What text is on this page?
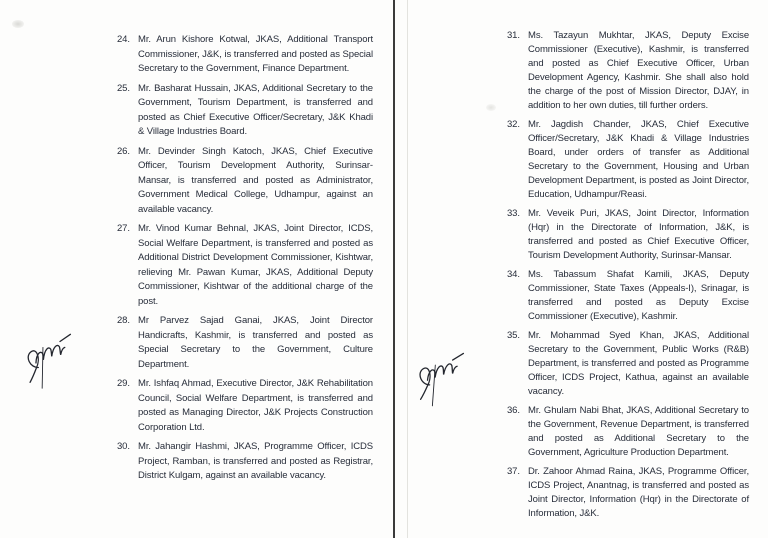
24. Mr. Arun Kishore Kotwal, JKAS, Additional Transport Commissioner, J&K, is transferred and posted as Special Secretary to the Government, Finance Department.
25. Mr. Basharat Hussain, JKAS, Additional Secretary to the Government, Tourism Department, is transferred and posted as Chief Executive Officer/Secretary, J&K Khadi & Village Industries Board.
26. Mr. Devinder Singh Katoch, JKAS, Chief Executive Officer, Tourism Development Authority, Surinsar-Mansar, is transferred and posted as Administrator, Government Medical College, Udhampur, against an available vacancy.
27. Mr. Vinod Kumar Behnal, JKAS, Joint Director, ICDS, Social Welfare Department, is transferred and posted as Additional District Development Commissioner, Kishtwar, relieving Mr. Pawan Kumar, JKAS, Additional Deputy Commissioner, Kishtwar of the additional charge of the post.
28. Mr Parvez Sajad Ganai, JKAS, Joint Director Handicrafts, Kashmir, is transferred and posted as Special Secretary to the Government, Culture Department.
29. Mr. Ishfaq Ahmad, Executive Director, J&K Rehabilitation Council, Social Welfare Department, is transferred and posted as Managing Director, J&K Projects Construction Corporation Ltd.
30. Mr. Jahangir Hashmi, JKAS, Programme Officer, ICDS Project, Ramban, is transferred and posted as Registrar, District Kulgam, against an available vacancy.
31. Ms. Tazayun Mukhtar, JKAS, Deputy Excise Commissioner (Executive), Kashmir, is transferred and posted as Chief Executive Officer, Urban Development Agency, Kashmir. She shall also hold the charge of the post of Mission Director, DJAY, in addition to her own duties, till further orders.
32. Mr. Jagdish Chander, JKAS, Chief Executive Officer/Secretary, J&K Khadi & Village Industries Board, under orders of transfer as Additional Secretary to the Government, Housing and Urban Development Department, is posted as Joint Director, Education, Udhampur/Reasi.
33. Mr. Veveik Puri, JKAS, Joint Director, Information (Hqr) in the Directorate of Information, J&K, is transferred and posted as Chief Executive Officer, Tourism Development Authority, Surinsar-Mansar.
34. Ms. Tabassum Shafat Kamili, JKAS, Deputy Commissioner, State Taxes (Appeals-I), Srinagar, is transferred and posted as Deputy Excise Commissioner (Executive), Kashmir.
35. Mr. Mohammad Syed Khan, JKAS, Additional Secretary to the Government, Public Works (R&B) Department, is transferred and posted as Programme Officer, ICDS Project, Kathua, against an available vacancy.
36. Mr. Ghulam Nabi Bhat, JKAS, Additional Secretary to the Government, Revenue Department, is transferred and posted as Additional Secretary to the Government, Agriculture Production Department.
37. Dr. Zahoor Ahmad Raina, JKAS, Programme Officer, ICDS Project, Anantnag, is transferred and posted as Joint Director, Information (Hqr) in the Directorate of Information, J&K.
